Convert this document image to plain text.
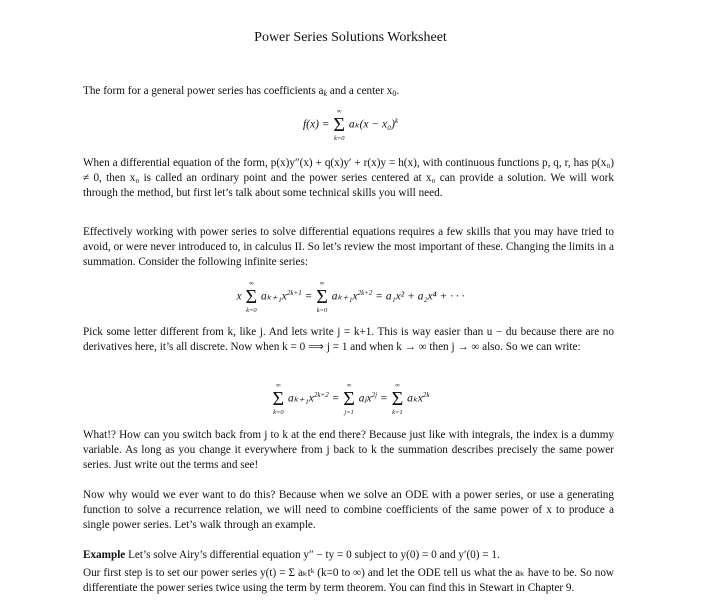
Power Series Solutions Worksheet
The form for a general power series has coefficients ak and a center x0.
f(x) =
∞
Σ
k=0
$a_k(x - x_0)^k$
When a differential equation of the form, p(x)y″(x) + q(x)y′ + r(x)y = h(x), with continuous functions p, q, r, has p(x₀) ≠ 0, then x₀ is called an ordinary point and the power series centered at x₀ can provide a solution. We will work through the method, but first let’s talk about some technical skills you will need.
Effectively working with power series to solve differential equations requires a few skills that you may have tried to avoid, or were never introduced to, in calculus II. So let’s review the most important of these. Changing the limits in a summation. Consider the following infinite series:
x
∞
Σ
k=0
$a_{k+1}x^{2k+1}$ =
∞
Σ
k=0
$a_{k+1}x^{2k+2} = a_1x^2 + a_2x^4$ + · · ·
Pick some letter different from k, like j. And lets write j = k+1. This is way easier than u − du because there are no derivatives here, it’s all discrete. Now when k = 0 ⟹ j = 1 and when k → ∞ then j → ∞ also. So we can write:
∞
Σ
k=0
$a_{k+1}x^{2k+2}$ =
∞
Σ
j=1
aⱼx$^{2j}$ =
∞
Σ
k=1
aₖx$^{2k}$
What!? How can you switch back from j to k at the end there? Because just like with integrals, the index is a dummy variable. As long as you change it everywhere from j back to k the summation describes precisely the same power series. Just write out the terms and see!
Now why would we ever want to do this? Because when we solve an ODE with a power series, or use a generating function to solve a recurrence relation, we will need to combine coefficients of the same power of x to produce a single power series. Let’s walk through an example.
Example Let’s solve Airy’s differential equation y″ − ty = 0 subject to y(0) = 0 and y′(0) = 1.
Our first step is to set our power series y(t) = Σ aₖtᵏ (k=0 to ∞) and let the ODE tell us what the aₖ have to be. So now differentiate the power series twice using the term by term theorem. You can find this in Stewart in Chapter 9.
